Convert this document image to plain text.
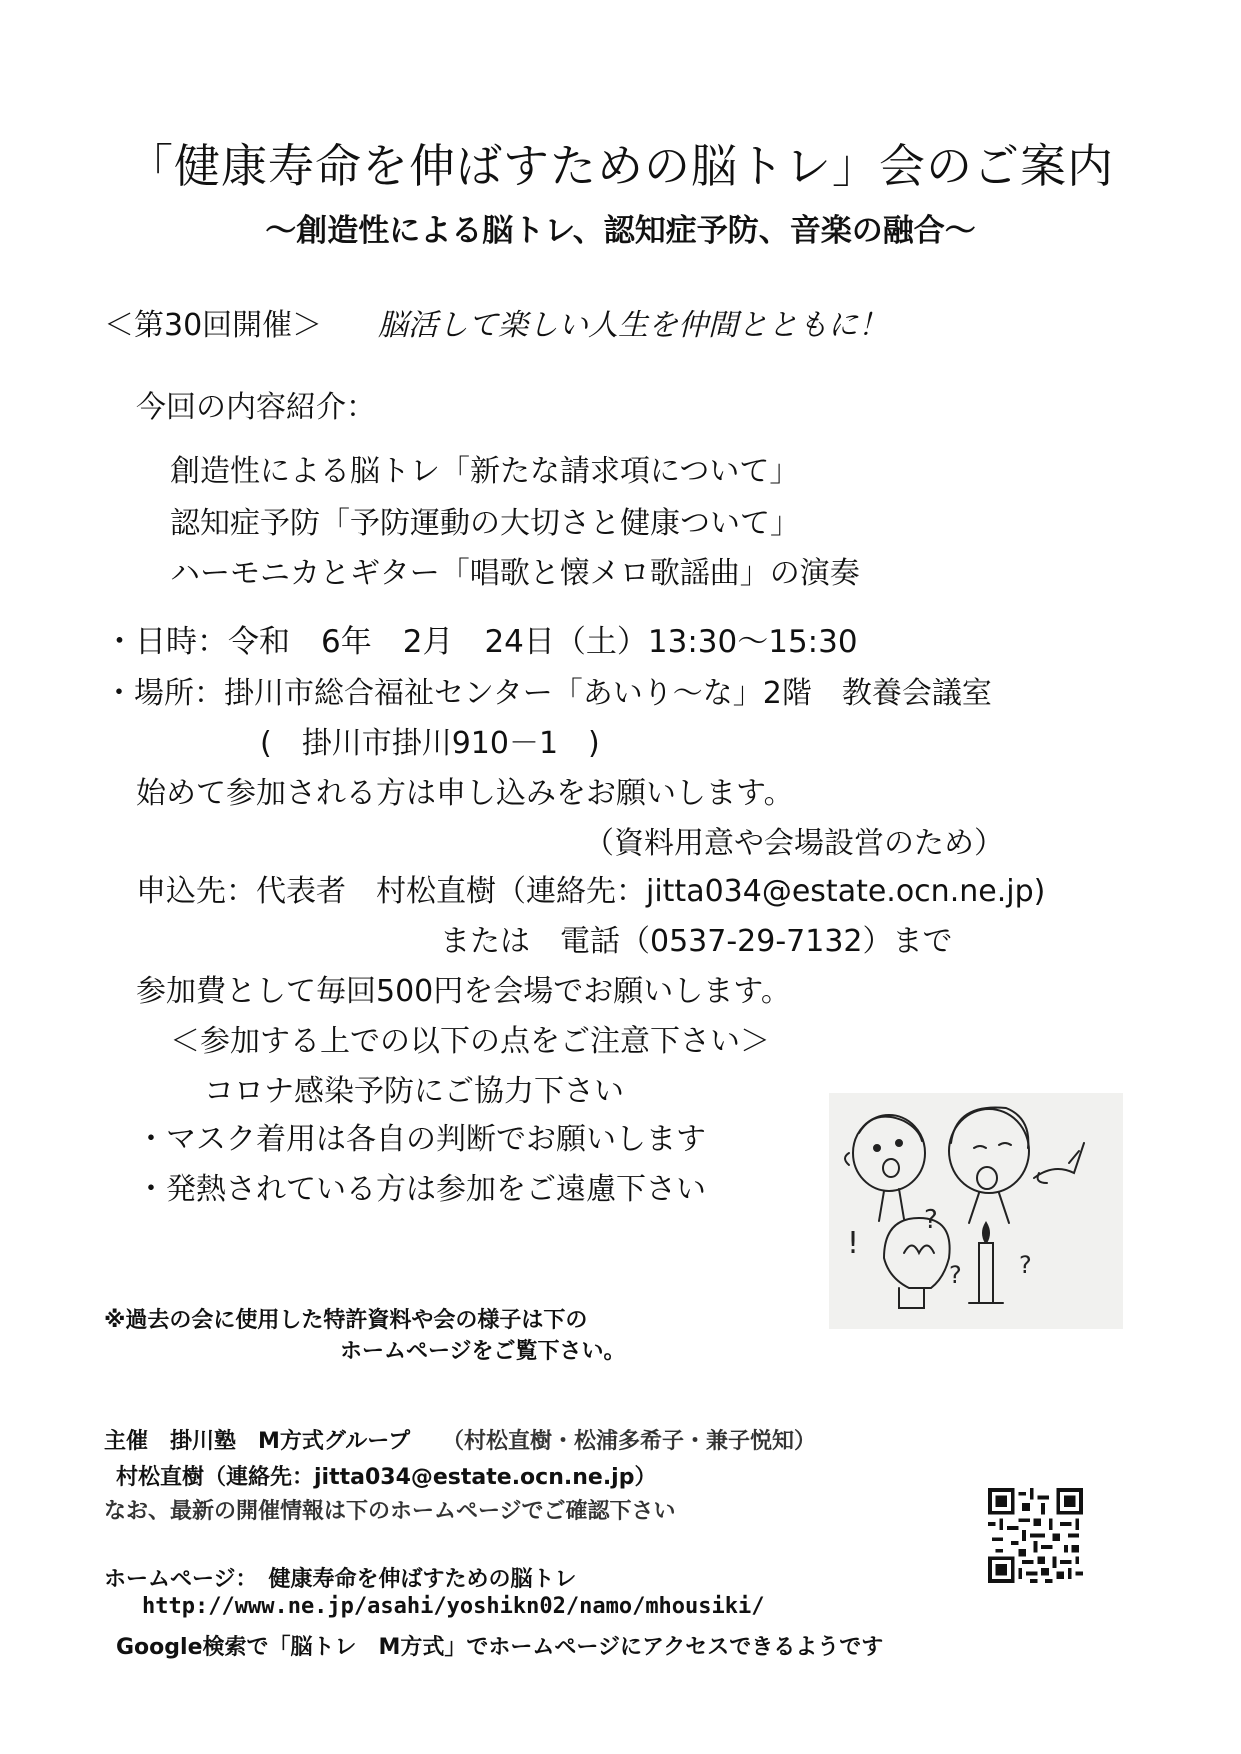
「健康寿命を伸ばすための脳トレ」会のご案内
〜創造性による脳トレ、認知症予防、音楽の融合〜
＜第30回開催＞ 脳活して楽しい人生を仲間とともに！
今回の内容紹介：
創造性による脳トレ「新たな請求項について」
認知症予防「予防運動の大切さと健康ついて」
ハーモニカとギター「唱歌と懐メロ歌謡曲」の演奏
・日時：令和　6年　2月　24日（土）13:30〜15:30
・場所：掛川市総合福祉センター「あいり〜な」2階　教養会議室
(　掛川市掛川910－1　)
始めて参加される方は申し込みをお願いします。
（資料用意や会場設営のため）
申込先：代表者　村松直樹（連絡先：jitta034@estate.ocn.ne.jp)
または　電話（0537-29-7132）まで
参加費として毎回500円を会場でお願いします。
＜参加する上での以下の点をご注意下さい＞
コロナ感染予防にご協力下さい
・マスク着用は各自の判断でお願いします
・発熱されている方は参加をご遠慮下さい
?
? ?
!
※過去の会に使用した特許資料や会の様子は下の
ホームページをご覧下さい。
主催　掛川塾　M方式グループ （村松直樹・松浦多希子・兼子悦知）
村松直樹（連絡先：jitta034@estate.ocn.ne.jp）
なお、最新の開催情報は下のホームページでご確認下さい
ホームページ：　健康寿命を伸ばすための脳トレ
http://www.ne.jp/asahi/yoshikn02/namo/mhousiki/
Google検索で「脳トレ　M方式」でホームページにアクセスできるようです
